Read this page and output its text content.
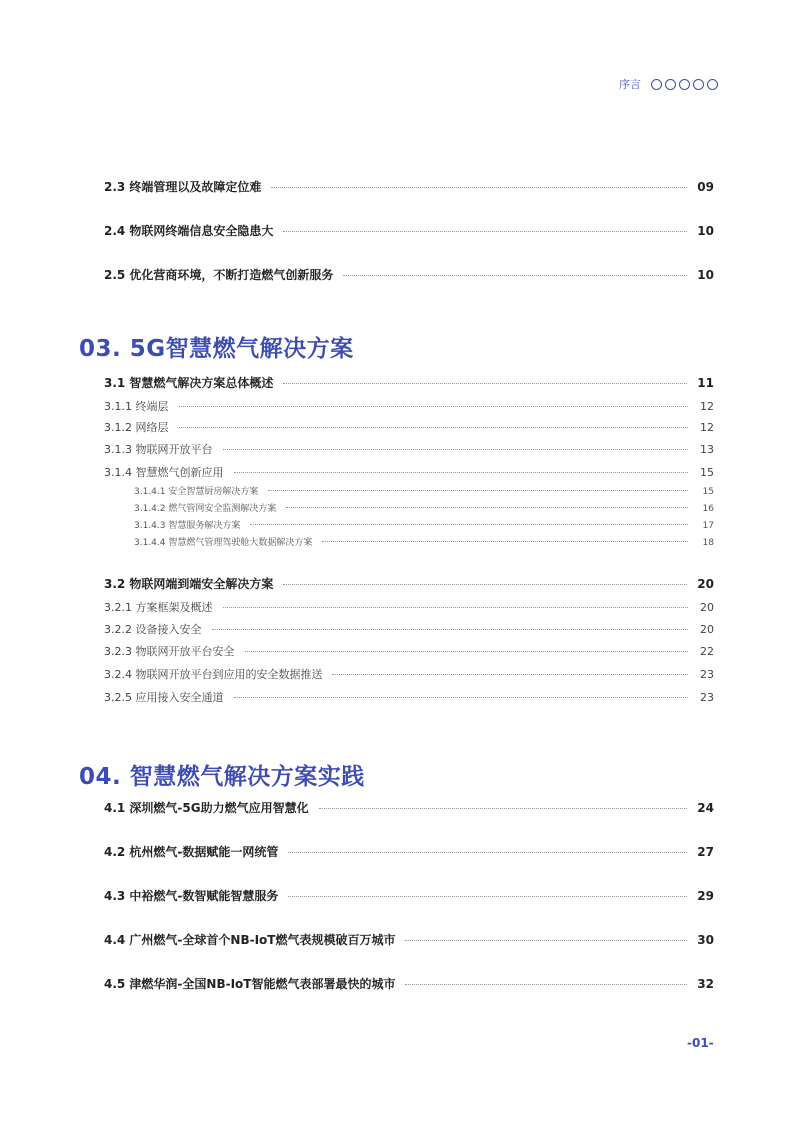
序言
2.3 终端管理以及故障定位难	09
2.4 物联网终端信息安全隐患大	10
2.5 优化营商环境，不断打造燃气创新服务	10
03. 5G智慧燃气解决方案
3.1 智慧燃气解决方案总体概述	11
3.1.1 终端层	12
3.1.2 网络层	12
3.1.3 物联网开放平台	13
3.1.4 智慧燃气创新应用	15
3.1.4.1 安全智慧厨房解决方案	15
3.1.4.2 燃气管网安全监测解决方案	16
3.1.4.3 智慧服务解决方案	17
3.1.4.4 智慧燃气管理驾驶舱大数据解决方案	18
3.2 物联网端到端安全解决方案	20
3.2.1 方案框架及概述	20
3.2.2 设备接入安全	20
3.2.3 物联网开放平台安全	22
3.2.4 物联网开放平台到应用的安全数据推送	23
3.2.5 应用接入安全通道	23
04. 智慧燃气解决方案实践
4.1 深圳燃气-5G助力燃气应用智慧化	24
4.2 杭州燃气-数据赋能一网统管	27
4.3 中裕燃气-数智赋能智慧服务	29
4.4 广州燃气-全球首个NB-IoT燃气表规模破百万城市	30
4.5 津燃华润-全国NB-IoT智能燃气表部署最快的城市	32
-01-
